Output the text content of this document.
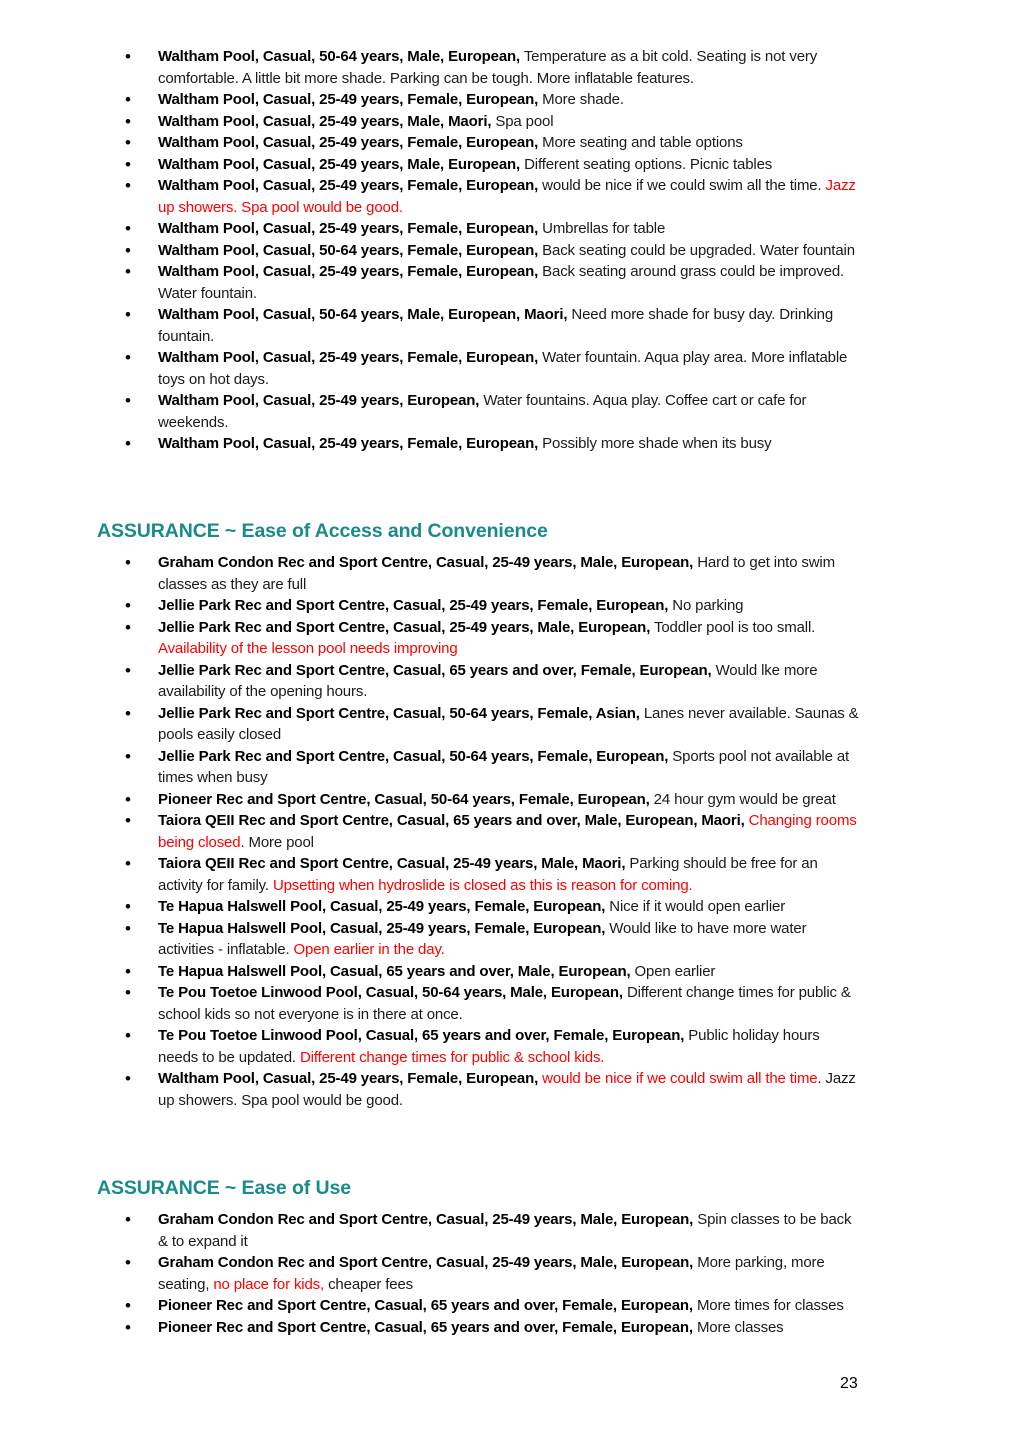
• Waltham Pool, Casual, 50-64 years, Male, European, Temperature as a bit cold. Seating is not very comfortable. A little bit more shade. Parking can be tough. More inflatable features.
• Waltham Pool, Casual, 25-49 years, Female, European, More shade.
• Waltham Pool, Casual, 25-49 years, Male, Maori, Spa pool
• Waltham Pool, Casual, 25-49 years, Female, European, More seating and table options
• Waltham Pool, Casual, 25-49 years, Male, European, Different seating options. Picnic tables
• Waltham Pool, Casual, 25-49 years, Female, European, would be nice if we could swim all the time. Jazz up showers. Spa pool would be good.
• Waltham Pool, Casual, 25-49 years, Female, European, Umbrellas for table
• Waltham Pool, Casual, 50-64 years, Female, European, Back seating could be upgraded. Water fountain
• Waltham Pool, Casual, 25-49 years, Female, European, Back seating around grass could be improved. Water fountain.
• Waltham Pool, Casual, 50-64 years, Male, European, Maori, Need more shade for busy day. Drinking fountain.
• Waltham Pool, Casual, 25-49 years, Female, European, Water fountain. Aqua play area. More inflatable toys on hot days.
• Waltham Pool, Casual, 25-49 years, European, Water fountains. Aqua play. Coffee cart or cafe for weekends.
• Waltham Pool, Casual, 25-49 years, Female, European, Possibly more shade when its busy
ASSURANCE ~ Ease of Access and Convenience
• Graham Condon Rec and Sport Centre, Casual, 25-49 years, Male, European, Hard to get into swim classes as they are full
• Jellie Park Rec and Sport Centre, Casual, 25-49 years, Female, European, No parking
• Jellie Park Rec and Sport Centre, Casual, 25-49 years, Male, European, Toddler pool is too small. Availability of the lesson pool needs improving
• Jellie Park Rec and Sport Centre, Casual, 65 years and over, Female, European, Would lke more availability of the opening hours.
• Jellie Park Rec and Sport Centre, Casual, 50-64 years, Female, Asian, Lanes never available. Saunas & pools easily closed
• Jellie Park Rec and Sport Centre, Casual, 50-64 years, Female, European, Sports pool not available at times when busy
• Pioneer Rec and Sport Centre, Casual, 50-64 years, Female, European, 24 hour gym would be great
• Taiora QEII Rec and Sport Centre, Casual, 65 years and over, Male, European, Maori, Changing rooms being closed. More pool
• Taiora QEII Rec and Sport Centre, Casual, 25-49 years, Male, Maori, Parking should be free for an activity for family. Upsetting when hydroslide is closed as this is reason for coming.
• Te Hapua Halswell Pool, Casual, 25-49 years, Female, European, Nice if it would open earlier
• Te Hapua Halswell Pool, Casual, 25-49 years, Female, European, Would like to have more water activities - inflatable. Open earlier in the day.
• Te Hapua Halswell Pool, Casual, 65 years and over, Male, European, Open earlier
• Te Pou Toetoe Linwood Pool, Casual, 50-64 years, Male, European, Different change times for public & school kids so not everyone is in there at once.
• Te Pou Toetoe Linwood Pool, Casual, 65 years and over, Female, European, Public holiday hours needs to be updated. Different change times for public & school kids.
• Waltham Pool, Casual, 25-49 years, Female, European, would be nice if we could swim all the time. Jazz up showers. Spa pool would be good.
ASSURANCE ~ Ease of Use
• Graham Condon Rec and Sport Centre, Casual, 25-49 years, Male, European, Spin classes to be back & to expand it
• Graham Condon Rec and Sport Centre, Casual, 25-49 years, Male, European, More parking, more seating, no place for kids, cheaper fees
• Pioneer Rec and Sport Centre, Casual, 65 years and over, Female, European, More times for classes
• Pioneer Rec and Sport Centre, Casual, 65 years and over, Female, European, More classes
23
